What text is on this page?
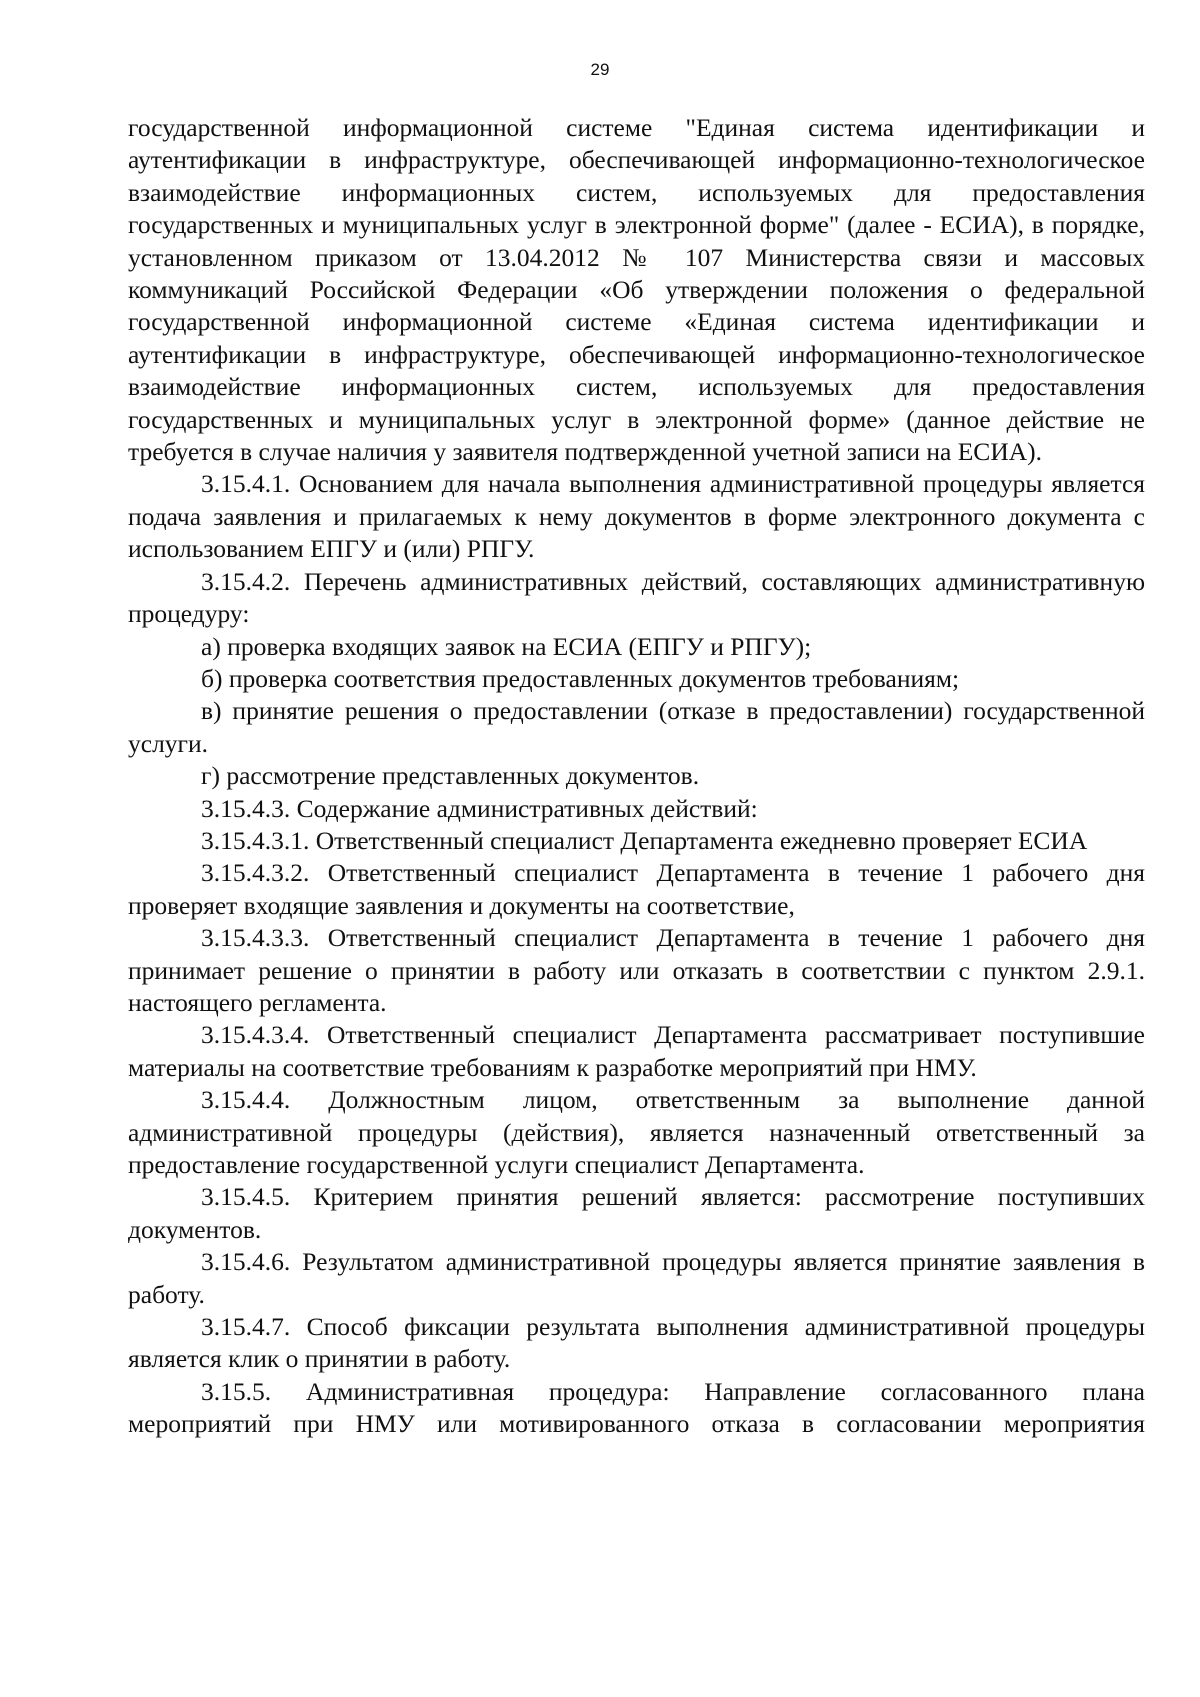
29

государственной информационной системе "Единая система идентификации и аутентификации в инфраструктуре, обеспечивающей информационно-технологическое взаимодействие информационных систем, используемых для предоставления государственных и муниципальных услуг в электронной форме" (далее - ЕСИА), в порядке, установленном приказом от 13.04.2012 № 107 Министерства связи и массовых коммуникаций Российской Федерации «Об утверждении положения о федеральной государственной информационной системе «Единая система идентификации и аутентификации в инфраструктуре, обеспечивающей информационно-технологическое взаимодействие информационных систем, используемых для предоставления государственных и муниципальных услуг в электронной форме» (данное действие не требуется в случае наличия у заявителя подтвержденной учетной записи на ЕСИА).

3.15.4.1. Основанием для начала выполнения административной процедуры является подача заявления и прилагаемых к нему документов в форме электронного документа с использованием ЕПГУ и (или) РПГУ.

3.15.4.2. Перечень административных действий, составляющих административную процедуру:

а) проверка входящих заявок на ЕСИА (ЕПГУ и РПГУ);

б) проверка соответствия предоставленных документов требованиям;

в) принятие решения о предоставлении (отказе в предоставлении) государственной услуги.

г) рассмотрение представленных документов.

3.15.4.3. Содержание административных действий:

3.15.4.3.1. Ответственный специалист Департамента ежедневно проверяет ЕСИА

3.15.4.3.2. Ответственный специалист Департамента в течение 1 рабочего дня проверяет входящие заявления и документы на соответствие,

3.15.4.3.3. Ответственный специалист Департамента в течение 1 рабочего дня принимает решение о принятии в работу или отказать в соответствии с пунктом 2.9.1. настоящего регламента.

3.15.4.3.4. Ответственный специалист Департамента рассматривает поступившие материалы на соответствие требованиям к разработке мероприятий при НМУ.

3.15.4.4. Должностным лицом, ответственным за выполнение данной административной процедуры (действия), является назначенный ответственный за предоставление государственной услуги специалист Департамента.

3.15.4.5. Критерием принятия решений является: рассмотрение поступивших документов.

3.15.4.6. Результатом административной процедуры является принятие заявления в работу.

3.15.4.7. Способ фиксации результата выполнения административной процедуры является клик о принятии в работу.

3.15.5. Административная процедура: Направление согласованного плана мероприятий при НМУ или мотивированного отказа в согласовании мероприятия
